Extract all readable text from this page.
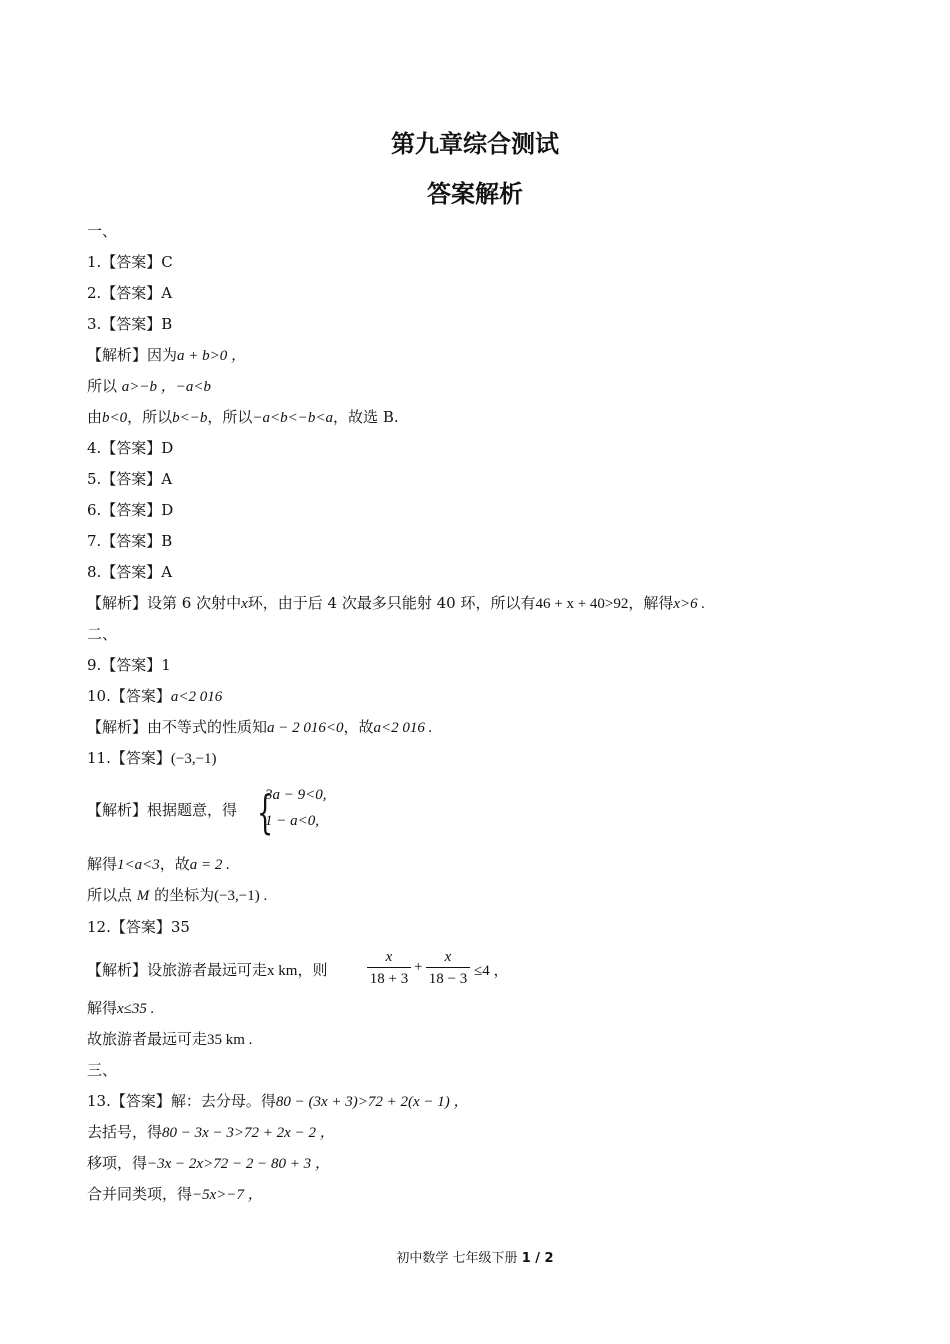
第九章综合测试
答案解析
一、
1.【答案】C
2.【答案】A
3.【答案】B
【解析】因为a + b>0 ，
所以 a>−b ，−a<b
由b<0，所以b<−b，所以−a<b<−b<a，故选 B.
4.【答案】D
5.【答案】A
6.【答案】D
7.【答案】B
8.【答案】A
【解析】设第 6 次射中x环，由于后 4 次最多只能射 40 环，所以有46 + x + 40>92，解得x>6 .
二、
9.【答案】1
10.【答案】a<2 016
【解析】由不等式的性质知a − 2 016<0，故a<2 016 .
11.【答案】(−3,−1)
【解析】根据题意，得 {
3a − 9<0,
1 − a<0,
解得1<a<3，故a = 2 .
所以点 M 的坐标为(−3,−1) .
12.【答案】35
【解析】设旅游者最远可走x km，则
x
18 + 3
+
x
18 − 3 ≤4 ，
解得x≤35 .
故旅游者最远可走35 km .
三、
13.【答案】解：去分母。得80 − (3x + 3)>72 + 2(x − 1) ，
去括号，得80 − 3x − 3>72 + 2x − 2 ，
移项，得−3x − 2x>72 − 2 − 80 + 3 ，
合并同类项，得−5x>−7 ，
初中数学 七年级下册 1 / 2
